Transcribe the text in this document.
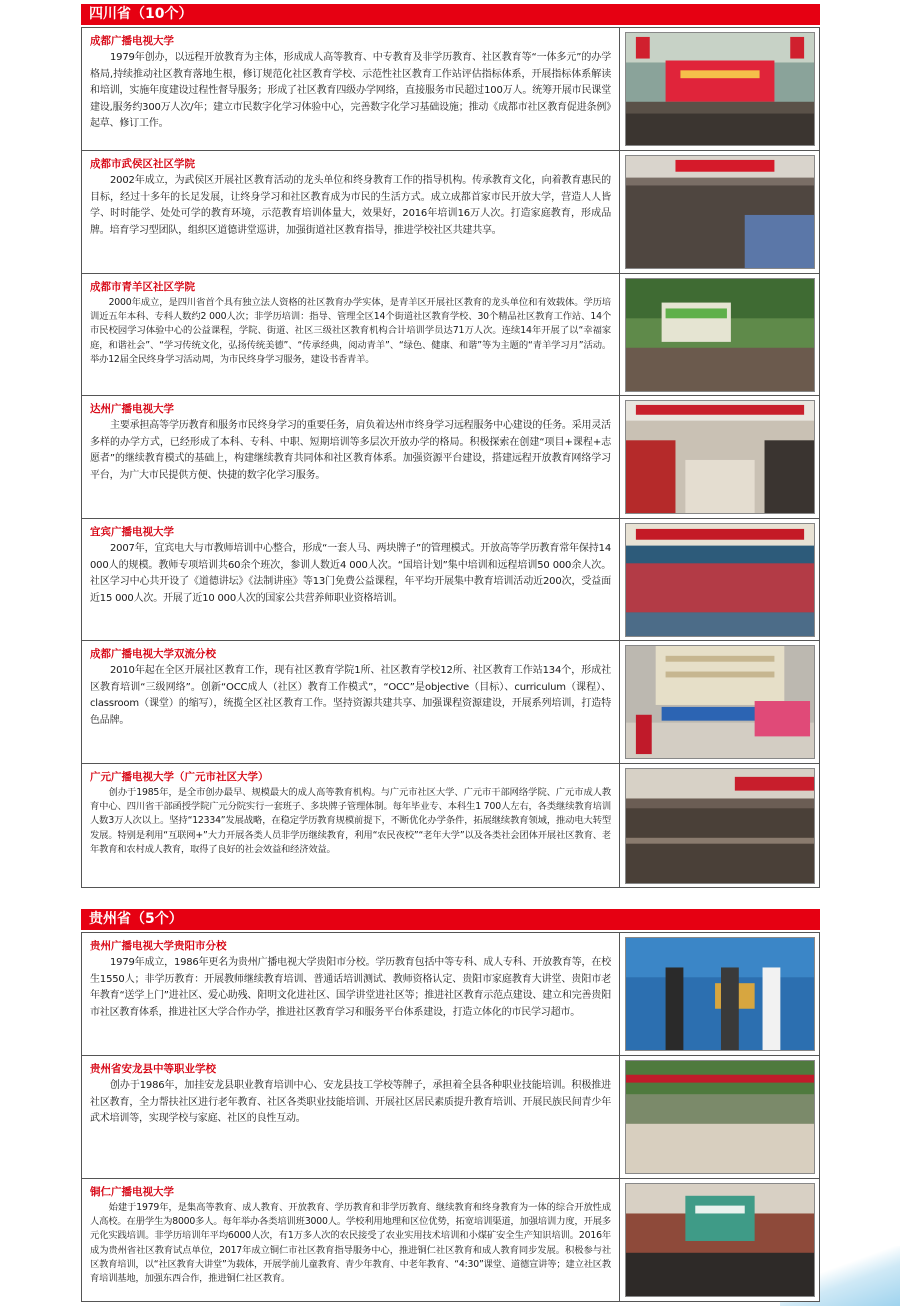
四川省（10个）
成都广播电视大学
1979年创办，以远程开放教育为主体，形成成人高等教育、中专教育及非学历教育、社区教育等“一体多元”的办学格局,持续推动社区教育落地生根，修订规范化社区教育学校、示范性社区教育工作站评估指标体系，开展指标体系解读和培训，实施年度建设过程性督导服务；形成了社区教育四级办学网络，直接服务市民超过100万人。统筹开展市民课堂建设,服务约300万人次/年；建立市民数字化学习体验中心，完善数字化学习基础设施；推动《成都市社区教育促进条例》起草、修订工作。
成都市武侯区社区学院
2002年成立，为武侯区开展社区教育活动的龙头单位和终身教育工作的指导机构。传承教育文化，向着教育惠民的目标，经过十多年的长足发展，让终身学习和社区教育成为市民的生活方式。成立成都首家市民开放大学，营造人人皆学、时时能学、处处可学的教育环境，示范教育培训体量大，效果好，2016年培训16万人次。打造家庭教育，形成品牌。培育学习型团队，组织区道德讲堂巡讲，加强街道社区教育指导，推进学校社区共建共享。
成都市青羊区社区学院
2000年成立，是四川省首个具有独立法人资格的社区教育办学实体，是青羊区开展社区教育的龙头单位和有效载体。学历培训近五年本科、专科人数约2 000人次；非学历培训：指导、管理全区14个街道社区教育学校、30个精品社区教育工作站、14个市民校园学习体验中心的公益课程，学院、街道、社区三级社区教育机构合计培训学员达71万人次。连续14年开展了以“幸福家庭，和谐社会”、“学习传统文化，弘扬传统美德”、“传承经典，阅动青羊”、“绿色、健康、和谐”等为主题的“青羊学习月”活动。举办12届全民终身学习活动周，为市民终身学习服务，建设书香青羊。
达州广播电视大学
主要承担高等学历教育和服务市民终身学习的重要任务，肩负着达州市终身学习远程服务中心建设的任务。采用灵活多样的办学方式，已经形成了本科、专科、中职、短期培训等多层次开放办学的格局。积极探索在创建“项目+课程+志愿者”的继续教育模式的基础上，构建继续教育共同体和社区教育体系。加强资源平台建设，搭建远程开放教育网络学习平台，为广大市民提供方便、快捷的数字化学习服务。
宜宾广播电视大学
2007年，宜宾电大与市教师培训中心整合，形成“一套人马、两块牌子”的管理模式。开放高等学历教育常年保持14 000人的规模。教师专项培训共60余个班次，参训人数近4 000人次。“国培计划”集中培训和远程培训50 000余人次。社区学习中心共开设了《道德讲坛》《法制讲座》等13门免费公益课程，年平均开展集中教育培训活动近200次，受益面近15 000人次。开展了近10 000人次的国家公共营养师职业资格培训。
成都广播电视大学双流分校
2010年起在全区开展社区教育工作，现有社区教育学院1所、社区教育学校12所、社区教育工作站134个，形成社区教育培训“三级网络”。创新“OCC成人（社区）教育工作模式”，“OCC”是objective（目标）、curriculum（课程）、classroom（课堂）的缩写），统揽全区社区教育工作。坚持资源共建共享、加强课程资源建设，开展系列培训，打造特色品牌。
广元广播电视大学（广元市社区大学）
创办于1985年，是全市创办最早、规模最大的成人高等教育机构。与广元市社区大学、广元市干部网络学院、广元市成人教育中心、四川省干部函授学院广元分院实行一套班子、多块牌子管理体制。每年毕业专、本科生1 700人左右，各类继续教育培训人数3万人次以上。坚持“12334”发展战略，在稳定学历教育规模前提下，不断优化办学条件，拓展继续教育领域，推动电大转型发展。特别是利用“互联网+”大力开展各类人员非学历继续教育，利用“农民夜校”“老年大学”以及各类社会团体开展社区教育、老年教育和农村成人教育，取得了良好的社会效益和经济效益。
贵州省（5个）
贵州广播电视大学贵阳市分校
1979年成立，1986年更名为贵州广播电视大学贵阳市分校。学历教育包括中等专科、成人专科、开放教育等，在校生1550人；非学历教育：开展教师继续教育培训、普通话培训测试、教师资格认定、贵阳市家庭教育大讲堂、贵阳市老年教育“送学上门”进社区、爱心助残、阳明文化进社区、国学讲堂进社区等；推进社区教育示范点建设、建立和完善贵阳市社区教育体系，推进社区大学合作办学，推进社区教育学习和服务平台体系建设，打造立体化的市民学习超市。
贵州省安龙县中等职业学校
创办于1986年，加挂安龙县职业教育培训中心、安龙县技工学校等牌子，承担着全县各种职业技能培训。积极推进社区教育，全力帮扶社区进行老年教育、社区各类职业技能培训、开展社区居民素质提升教育培训、开展民族民间青少年武术培训等，实现学校与家庭、社区的良性互动。
铜仁广播电视大学
始建于1979年，是集高等教育、成人教育、开放教育、学历教育和非学历教育、继续教育和终身教育为一体的综合开放性成人高校。在册学生为8000多人。每年举办各类培训班3000人。学校利用地理和区位优势，拓宽培训渠道，加强培训力度，开展多元化实践培训。非学历培训年平均6000人次，有1万多人次的农民接受了农业实用技术培训和小煤矿安全生产知识培训。2016年成为贵州省社区教育试点单位，2017年成立铜仁市社区教育指导服务中心，推进铜仁社区教育和成人教育同步发展。积极参与社区教育培训，以“社区教育大讲堂”为载体，开展学前儿童教育、青少年教育、中老年教育、“4:30”课堂、道德宣讲等；建立社区教育培训基地，加强东西合作，推进铜仁社区教育。
